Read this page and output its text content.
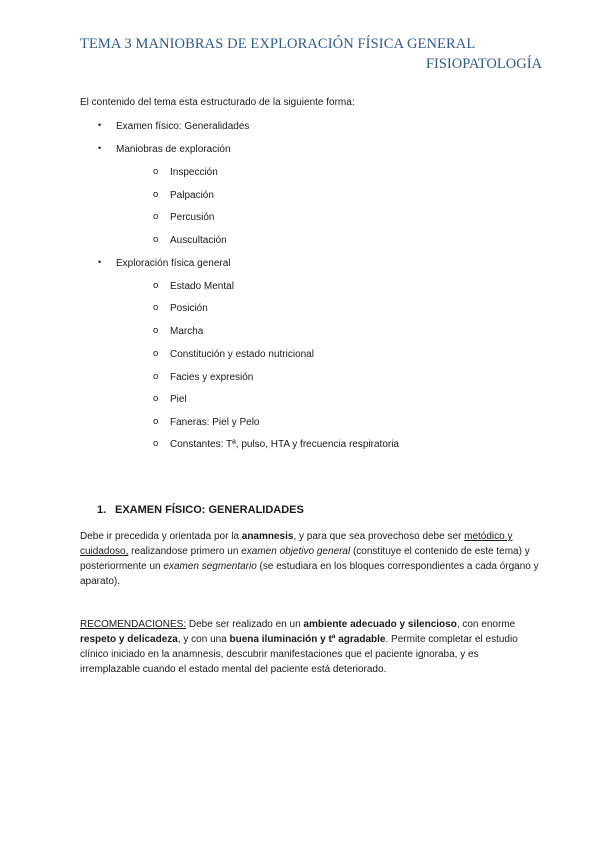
TEMA 3 MANIOBRAS DE EXPLORACIÓN FÍSICA GENERAL
FISIOPATOLOGÍA
El contenido del tema esta estructurado de la siguiente forma:
• Examen físico: Generalidades
• Maniobras de exploración
o Inspección
o Palpación
o Percusión
o Auscultación
• Exploración física general
o Estado Mental
o Posición
o Marcha
o Constitución y estado nutricional
o Facies y expresión
o Piel
o Faneras: Piel y Pelo
o Constantes: Tª, pulso, HTA y frecuencia respiratoria
1. EXAMEN FÍSICO: GENERALIDADES
Debe ir precedida y orientada por la anamnesis, y para que sea provechoso debe ser metódico y cuidadoso, realizandose primero un examen objetivo general (constituye el contenido de este tema) y posteriormente un examen segmentario (se estudiara en los bloques correspondientes a cada órgano y aparato).
RECOMENDACIONES: Debe ser realizado en un ambiente adecuado y silencioso, con enorme respeto y delicadeza, y con una buena iluminación y tª agradable. Permite completar el estudio clínico iniciado en la anamnesis, descubrir manifestaciones que el paciente ignoraba, y es irremplazable cuando el estado mental del paciente está deteriorado.
